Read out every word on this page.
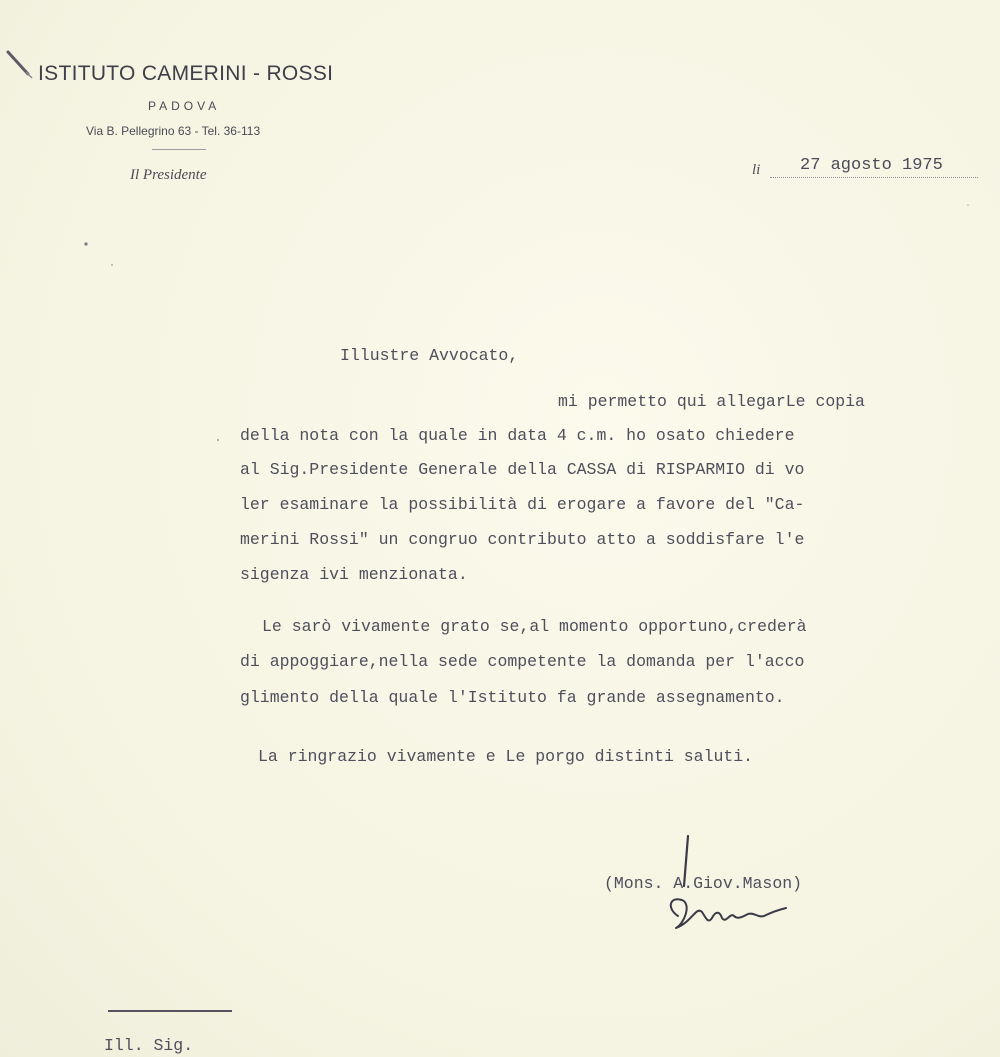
ISTITUTO CAMERINI - ROSSI
PADOVA
Via B. Pellegrino 63 - Tel. 36-113
Il Presidente	li 27 agosto 1975
Illustre Avvocato,
mi permetto qui allegarLe copia
della nota con la quale in data 4 c.m. ho osato chiedere
al Sig.Presidente Generale della CASSA di RISPARMIO di vo
ler esaminare la possibilità di erogare a favore del "Ca-
merini Rossi" un congruo contributo atto a soddisfare l'e
sigenza ivi menzionata.
Le sarò vivamente grato se,al momento opportuno,crederà
di appoggiare,nella sede competente la domanda per l'acco
glimento della quale l'Istituto fa grande assegnamento.
La ringrazio vivamente e Le porgo distinti saluti.
(Mons. A.Giov.Mason)
Ill. Sig.
